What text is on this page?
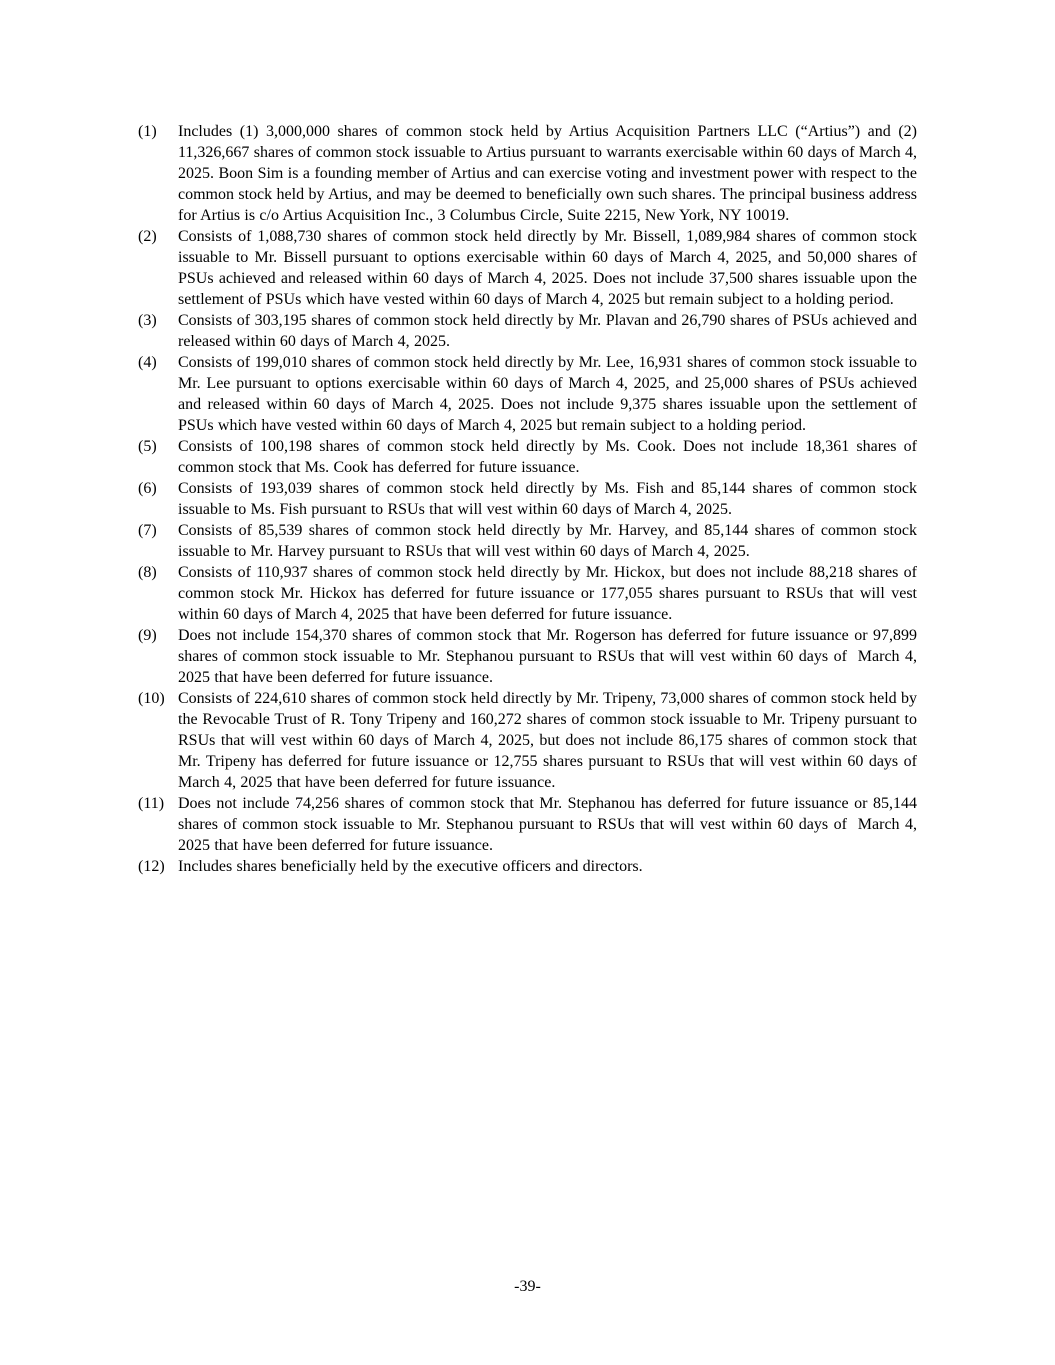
(1) Includes (1) 3,000,000 shares of common stock held by Artius Acquisition Partners LLC (“Artius”) and (2) 11,326,667 shares of common stock issuable to Artius pursuant to warrants exercisable within 60 days of March 4, 2025. Boon Sim is a founding member of Artius and can exercise voting and investment power with respect to the common stock held by Artius, and may be deemed to beneficially own such shares. The principal business address for Artius is c/o Artius Acquisition Inc., 3 Columbus Circle, Suite 2215, New York, NY 10019.
(2) Consists of 1,088,730 shares of common stock held directly by Mr. Bissell, 1,089,984 shares of common stock issuable to Mr. Bissell pursuant to options exercisable within 60 days of March 4, 2025, and 50,000 shares of PSUs achieved and released within 60 days of March 4, 2025. Does not include 37,500 shares issuable upon the settlement of PSUs which have vested within 60 days of March 4, 2025 but remain subject to a holding period.
(3) Consists of 303,195 shares of common stock held directly by Mr. Plavan and 26,790 shares of PSUs achieved and released within 60 days of March 4, 2025.
(4) Consists of 199,010 shares of common stock held directly by Mr. Lee, 16,931 shares of common stock issuable to Mr. Lee pursuant to options exercisable within 60 days of March 4, 2025, and 25,000 shares of PSUs achieved and released within 60 days of March 4, 2025. Does not include 9,375 shares issuable upon the settlement of PSUs which have vested within 60 days of March 4, 2025 but remain subject to a holding period.
(5) Consists of 100,198 shares of common stock held directly by Ms. Cook. Does not include 18,361 shares of common stock that Ms. Cook has deferred for future issuance.
(6) Consists of 193,039 shares of common stock held directly by Ms. Fish and 85,144 shares of common stock issuable to Ms. Fish pursuant to RSUs that will vest within 60 days of March 4, 2025.
(7) Consists of 85,539 shares of common stock held directly by Mr. Harvey, and 85,144 shares of common stock issuable to Mr. Harvey pursuant to RSUs that will vest within 60 days of March 4, 2025.
(8) Consists of 110,937 shares of common stock held directly by Mr. Hickox, but does not include 88,218 shares of common stock Mr. Hickox has deferred for future issuance or 177,055 shares pursuant to RSUs that will vest within 60 days of March 4, 2025 that have been deferred for future issuance.
(9) Does not include 154,370 shares of common stock that Mr. Rogerson has deferred for future issuance or 97,899 shares of common stock issuable to Mr. Stephanou pursuant to RSUs that will vest within 60 days of  March 4, 2025 that have been deferred for future issuance.
(10) Consists of 224,610 shares of common stock held directly by Mr. Tripeny, 73,000 shares of common stock held by the Revocable Trust of R. Tony Tripeny and 160,272 shares of common stock issuable to Mr. Tripeny pursuant to RSUs that will vest within 60 days of March 4, 2025, but does not include 86,175 shares of common stock that Mr. Tripeny has deferred for future issuance or 12,755 shares pursuant to RSUs that will vest within 60 days of March 4, 2025 that have been deferred for future issuance.
(11) Does not include 74,256 shares of common stock that Mr. Stephanou has deferred for future issuance or 85,144 shares of common stock issuable to Mr. Stephanou pursuant to RSUs that will vest within 60 days of  March 4, 2025 that have been deferred for future issuance.
(12) Includes shares beneficially held by the executive officers and directors.
-39-
